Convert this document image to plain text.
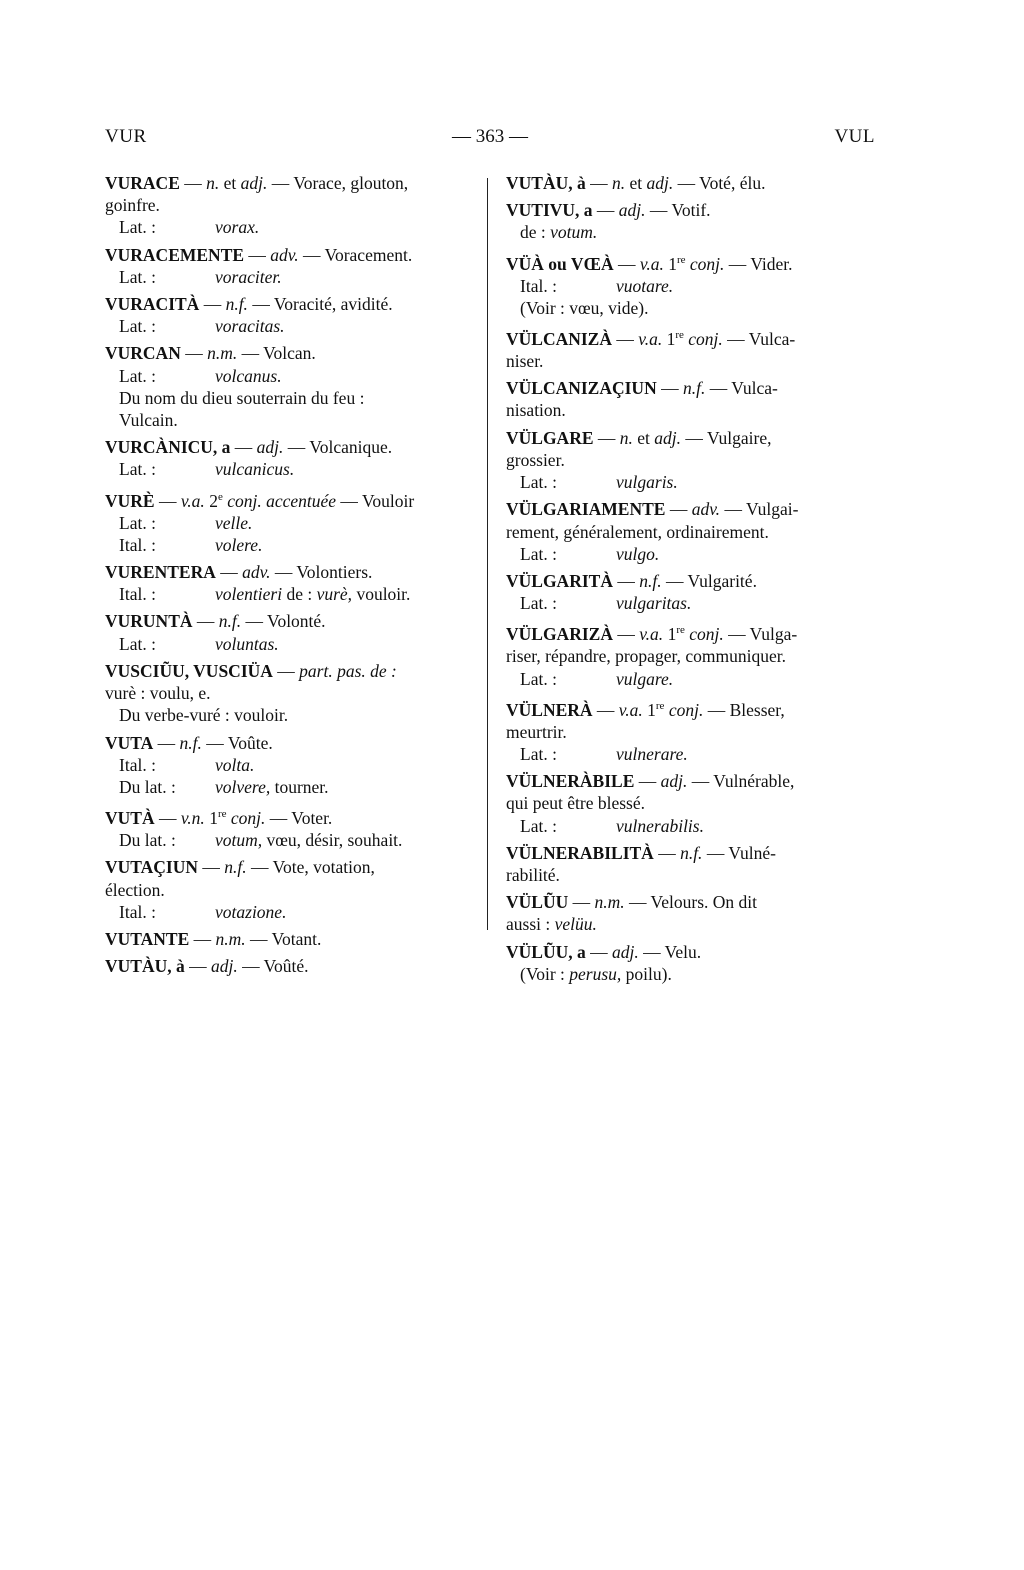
VUR	— 363 —	VUL
VURACE — n. et adj. — Vorace, glouton,
goinfre.
Lat. :	vorax.
VURACEMENTE — adv. — Voracement.
Lat. :	voraciter.
VURACITÀ — n.f. — Voracité, avidité.
Lat. :	voracitas.
VURCAN — n.m. — Volcan.
Lat. :	volcanus.
Du nom du dieu souterrain du feu :
Vulcain.
VURCÀNICU, a — adj. — Volcanique.
Lat. :	vulcanicus.
VURÈ — v.a. 2e conj. accentuée — Vouloir
Lat. :	velle.
Ital. :	volere.
VURENTERA — adv. — Volontiers.
Ital. :	volentieri de : vurè, vouloir.
VURUNTÀ — n.f. — Volonté.
Lat. :	voluntas.
VUSCIŨU, VUSCIÜA — part. pas. de :
vurè : voulu, e.
Du verbe-vuré : vouloir.
VUTA — n.f. — Voûte.
Ital. :	volta.
Du lat. : volvere, tourner.
VUTÀ — v.n. 1re conj. — Voter.
Du lat. : votum, vœu, désir, souhait.
VUTAÇIUN — n.f. — Vote, votation,
élection.
Ital. :	votazione.
VUTANTE — n.m. — Votant.
VUTÀU, à — adj. — Voûté.
VUTÀU, à — n. et adj. — Voté, élu.
VUTIVU, a — adj. — Votif.
de : votum.
VÜÀ ou VŒÀ — v.a. 1re conj. — Vider.
Ital. :	vuotare.
(Voir : vœu, vide).
VÜLCANIZÀ — v.a. 1re conj. — Vulca-
niser.
VÜLCANIZAÇIUN — n.f. — Vulca-
nisation.
VÜLGARE — n. et adj. — Vulgaire,
grossier.
Lat. :	vulgaris.
VÜLGARIAMENTE — adv. — Vulgai-
rement, généralement, ordinairement.
Lat. :	vulgo.
VÜLGARITÀ — n.f. — Vulgarité.
Lat. :	vulgaritas.
VÜLGARIZÀ — v.a. 1re conj. — Vulga-
riser, répandre, propager, communiquer.
Lat. :	vulgare.
VÜLNERÀ — v.a. 1re conj. — Blesser,
meurtrir.
Lat. :	vulnerare.
VÜLNERÀBILE — adj. — Vulnérable,
qui peut être blessé.
Lat. :	vulnerabilis.
VÜLNERABILITÀ — n.f. — Vulné-
rabilité.
VÜLŨU — n.m. — Velours. On dit
aussi : velüu.
VÜLŨU, a — adj. — Velu.
(Voir : perusu, poilu).
